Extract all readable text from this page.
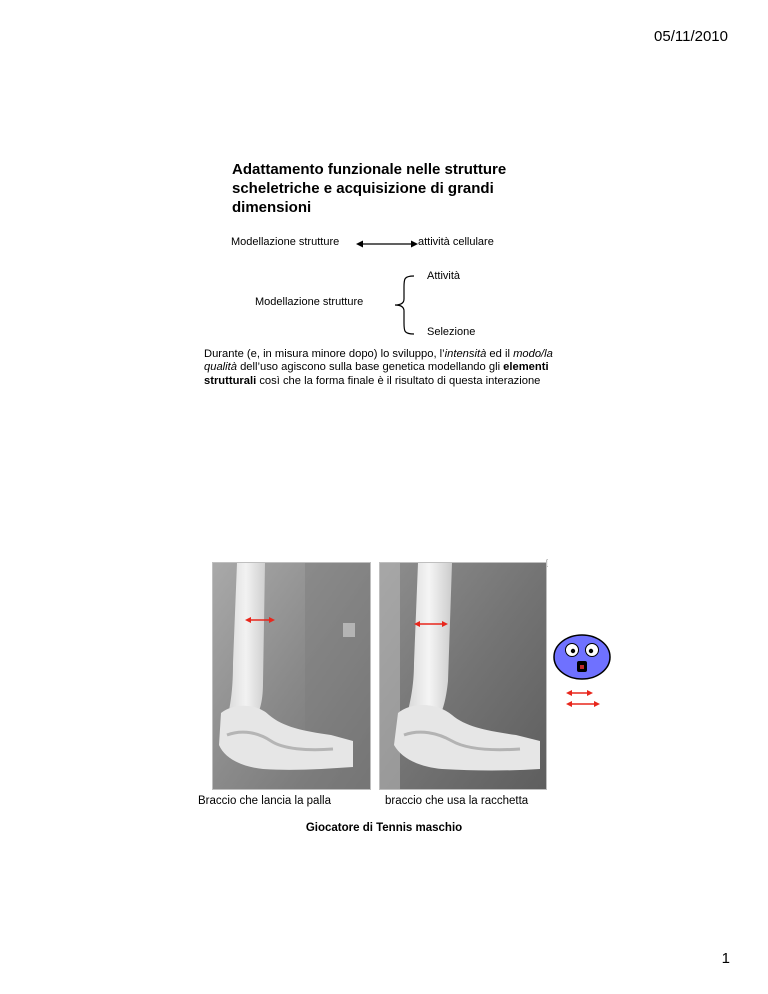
05/11/2010
Adattamento funzionale nelle strutture scheletriche e acquisizione di grandi dimensioni
Modellazione strutture	attività cellulare
Attività
Modellazione strutture
Selezione
Durante (e, in misura minore dopo) lo sviluppo, l’intensità ed il modo/la qualità dell’uso agiscono sulla base genetica modellando gli elementi strutturali così che la forma finale è il risultato di questa interazione
[
Braccio che lancia la palla	braccio che usa la racchetta
Giocatore di Tennis maschio
1
